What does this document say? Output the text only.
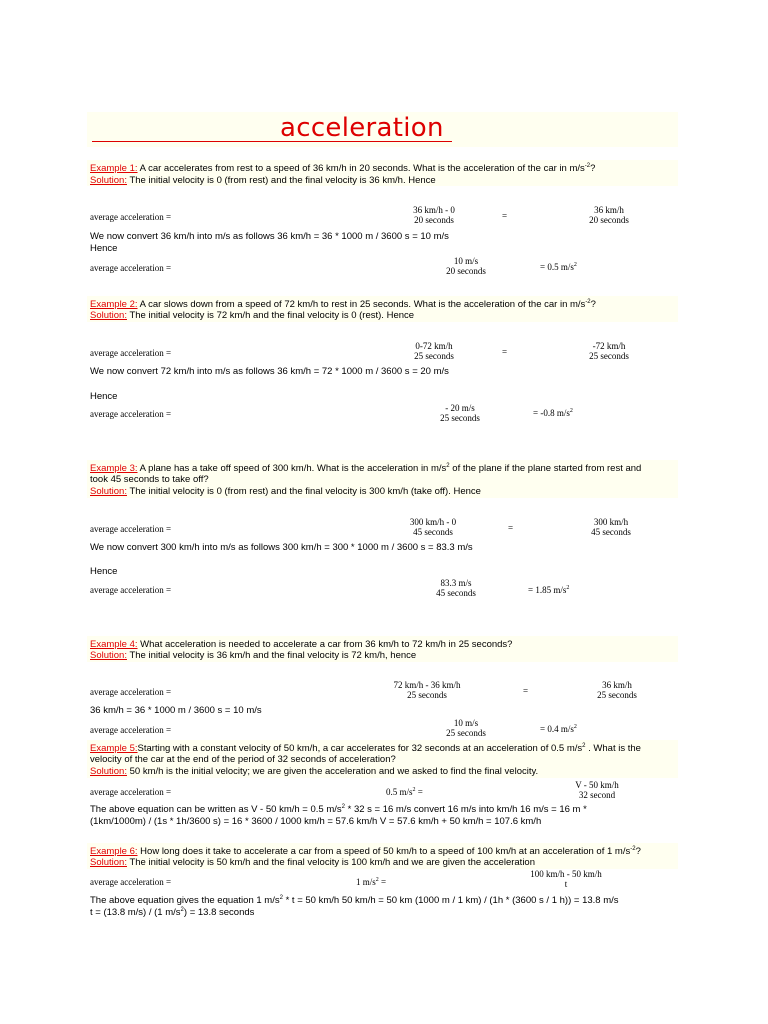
acceleration
Example 1: A car accelerates from rest to a speed of 36 km/h in 20 seconds. What is the acceleration of the car in $m/s^{-2}$?
Solution: The initial velocity is 0 (from rest) and the final velocity is 36 km/h. Hence
average acceleration =
36 km/h - 0
20 seconds	=
36 km/h
20 seconds
We now convert 36 km/h into m/s as follows 36 km/h = 36 * 1000 m / 3600 s = 10 m/s
Hence
average acceleration =
10 m/s
20 seconds	= 0.5 $m/s^2$
Example 2: A car slows down from a speed of 72 km/h to rest in 25 seconds. What is the acceleration of the car in $m/s^{-2}$?
Solution: The initial velocity is 72 km/h and the final velocity is 0 (rest). Hence
average acceleration =
0-72 km/h
25 seconds	=
-72 km/h
25 seconds
We now convert 72 km/h into m/s as follows 36 km/h = 72 * 1000 m / 3600 s = 20 m/s
Hence
average acceleration =
- 20 m/s
25 seconds	= -0.8 $m/s^2$
Example 3: A plane has a take off speed of 300 km/h. What is the acceleration in $m/s^2$ of the plane if the plane started from rest and
took 45 seconds to take off?
Solution: The initial velocity is 0 (from rest) and the final velocity is 300 km/h (take off). Hence
average acceleration =
300 km/h - 0
45 seconds	=
300 km/h
45 seconds
We now convert 300 km/h into m/s as follows 300 km/h = 300 * 1000 m / 3600 s = 83.3 m/s
Hence
average acceleration =
83.3 m/s
45 seconds	= 1.85 $m/s^2$
Example 4: What acceleration is needed to accelerate a car from 36 km/h to 72 km/h in 25 seconds?
Solution: The initial velocity is 36 km/h and the final velocity is 72 km/h, hence
average acceleration =
72 km/h - 36 km/h
25 seconds	=
36 km/h
25 seconds
36 km/h = 36 * 1000 m / 3600 s = 10 m/s
average acceleration =
10 m/s
25 seconds	= 0.4 $m/s^2$
Example 5:Starting with a constant velocity of 50 km/h, a car accelerates for 32 seconds at an acceleration of 0.5 $m/s^2$ . What is the
velocity of the car at the end of the period of 32 seconds of acceleration?
Solution: 50 km/h is the initial velocity; we are given the acceleration and we asked to find the final velocity.
average acceleration =	0.5 $m/s^2$ =
V - 50 km/h
32 second
The above equation can be written as V - 50 km/h = 0.5 $m/s^2 * 32$ s = 16 m/s convert 16 m/s into km/h 16 m/s = 16 m *
(1km/1000m) / (1s * 1h/3600 s) = 16 * 3600 / 1000 km/h = 57.6 km/h V = 57.6 km/h + 50 km/h = 107.6 km/h
Example 6: How long does it take to accelerate a car from a speed of 50 km/h to a speed of 100 km/h at an acceleration of 1 $m/s^{-2}$?
Solution: The initial velocity is 50 km/h and the final velocity is 100 km/h and we are given the acceleration
average acceleration =	1 $m/s^2$ =
100 km/h - 50 km/h
t
The above equation gives the equation 1 $m/s^2 * t = 50$ km/h 50 km/h = 50 km (1000 m / 1 km) / (1h * (3600 s / 1 h)) = 13.8 m/s
t = (13.8 m/s) / (1 $m/s^2) = 13.8$ seconds
